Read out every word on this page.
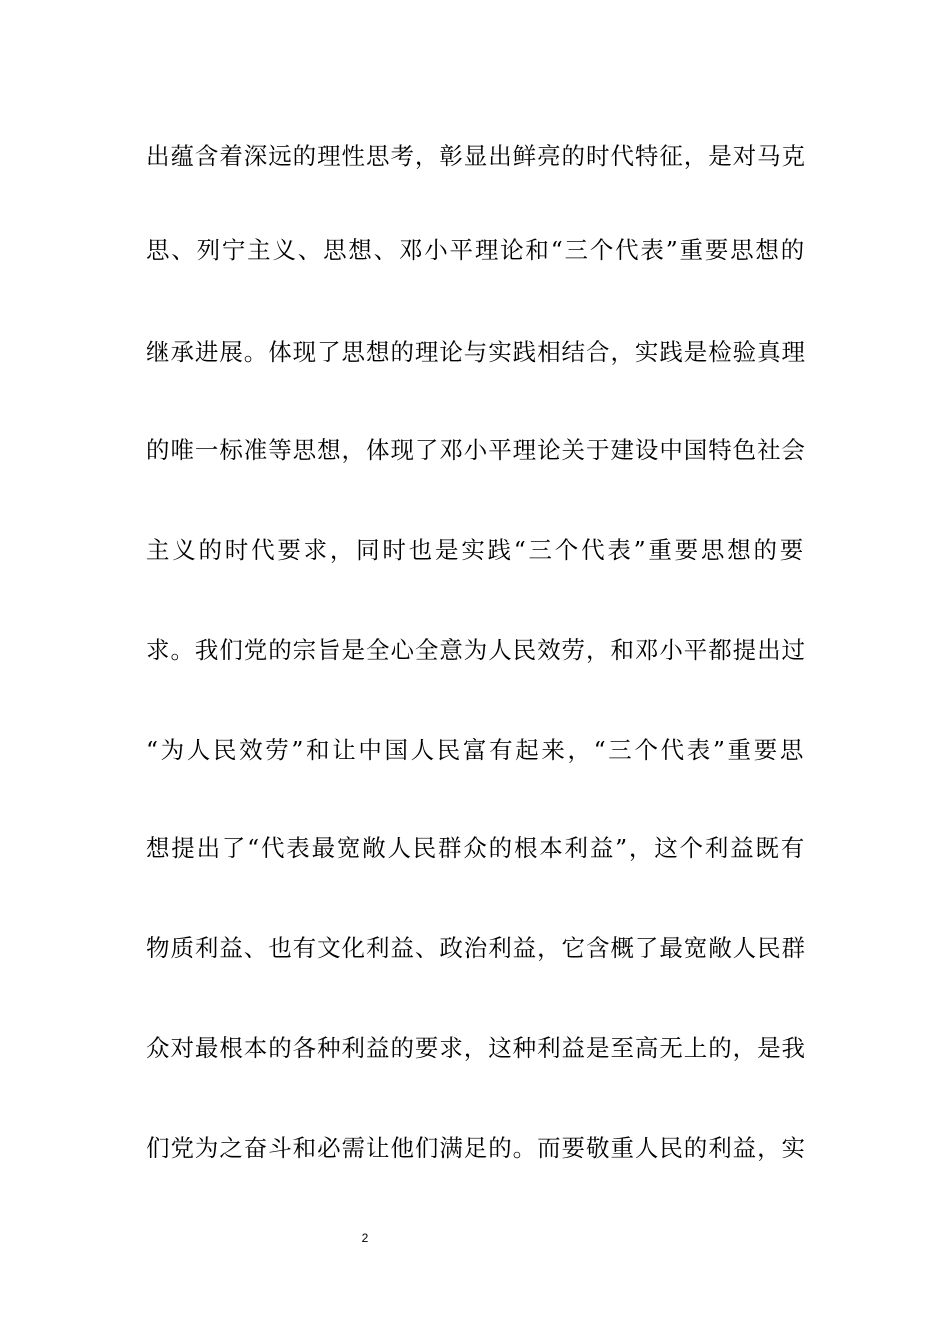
出蕴含着深远的理性思考，彰显出鲜亮的时代特征，是对马克
思、列宁主义、思想、邓小平理论和“三个代表”重要思想的
继承进展。体现了思想的理论与实践相结合，实践是检验真理
的唯一标准等思想，体现了邓小平理论关于建设中国特色社会
主义的时代要求，同时也是实践“三个代表”重要思想的要
求。我们党的宗旨是全心全意为人民效劳，和邓小平都提出过
“为人民效劳”和让中国人民富有起来，“三个代表”重要思
想提出了“代表最宽敞人民群众的根本利益”，这个利益既有
物质利益、也有文化利益、政治利益，它含概了最宽敞人民群
众对最根本的各种利益的要求，这种利益是至高无上的，是我
们党为之奋斗和必需让他们满足的。而要敬重人民的利益，实
2
